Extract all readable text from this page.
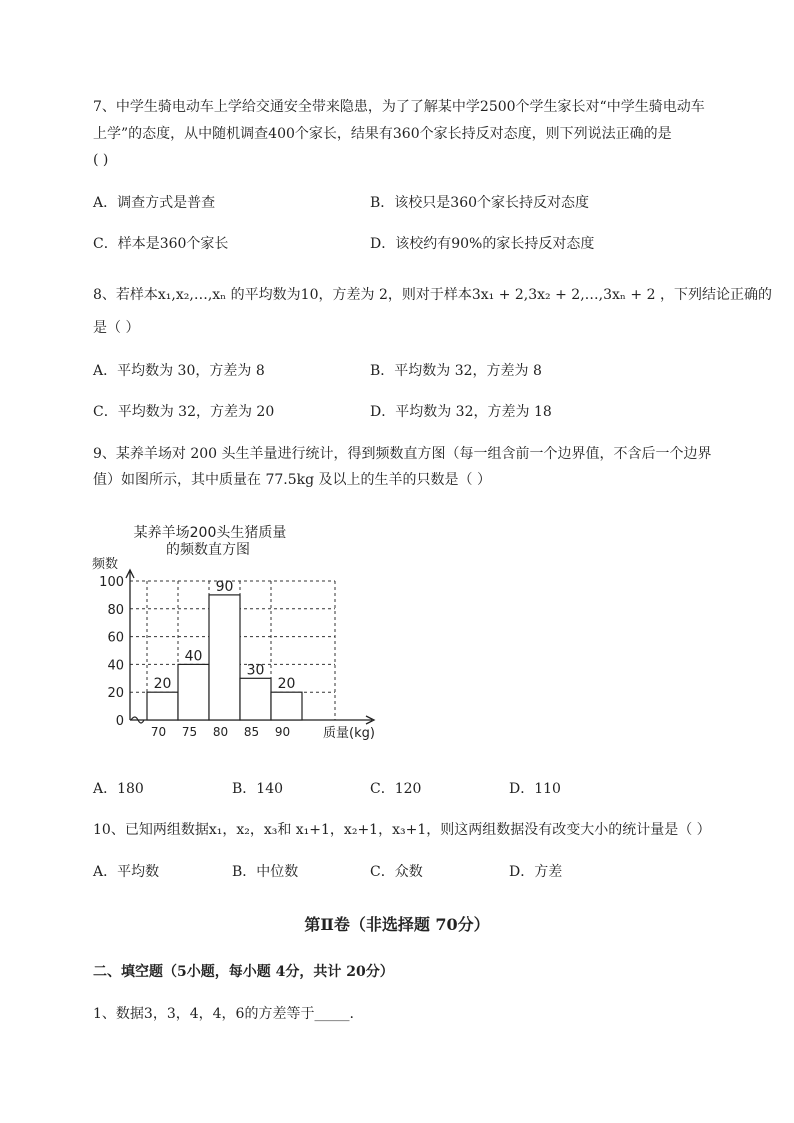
7、中学生骑电动车上学给交通安全带来隐患，为了了解某中学2500个学生家长对“中学生骑电动车
上学”的态度，从中随机调查400个家长，结果有360个家长持反对态度，则下列说法正确的是
( )
A．调查方式是普查	B．该校只是360个家长持反对态度
C．样本是360个家长	D．该校约有90%的家长持反对态度
8、若样本x₁,x₂,…,xₙ 的平均数为10，方差为 2，则对于样本3x₁ + 2,3x₂ + 2,…,3xₙ + 2 ，下列结论正确的
是（ ）
A．平均数为 30，方差为 8	B．平均数为 32，方差为 8
C．平均数为 32，方差为 20	D．平均数为 32，方差为 18
9、某养羊场对 200 头生羊量进行统计，得到频数直方图（每一组含前一个边界值，不含后一个边界
值）如图所示，其中质量在 77.5kg 及以上的生羊的只数是（ ）
某养羊场200头生猪质量
的频数直方图
频数
质量(kg)
0
20
40
60
80
100
20
40
90
30
20
70 75 80 85 90
A．180	B．140	C．120	D．110
10、已知两组数据x₁，x₂，x₃和 x₁+1，x₂+1，x₃+1，则这两组数据没有改变大小的统计量是（ ）
A．平均数	B．中位数	C．众数	D．方差
第Ⅱ卷（非选择题 70分）
二、填空题（5小题，每小题 4分，共计 20分）
1、数据3，3，4，4，6的方差等于_____.
